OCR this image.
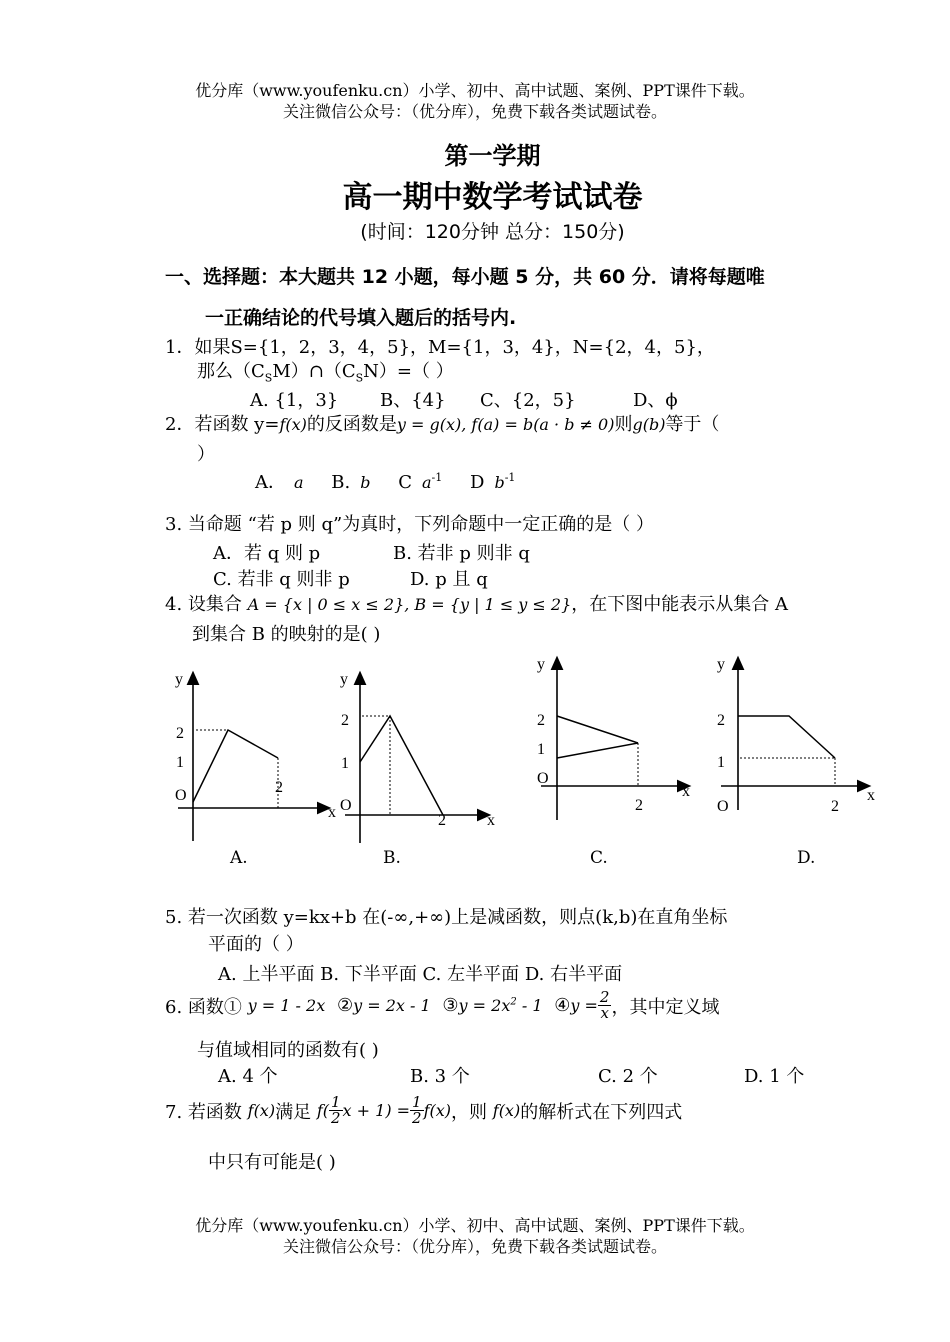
优分库（www.youfenku.cn）小学、初中、高中试题、案例、PPT课件下载。
关注微信公众号：（优分库），免费下载各类试题试卷。
第一学期
高一期中数学考试试卷
(时间：120分钟 总分：150分)
一、选择题：本大题共 12 小题，每小题 5 分，共 60 分．请将每题唯
一正确结论的代号填入题后的括号内.
1．如果S={1，2，3，4，5}，M={1，3，4}，N={2，4，5}，
那么$(C_SM)\cap(C_SN)=$（ ）
A. {1，3} B、{4} C、{2，5}	D、ϕ
2．若函数 y=f(x)的反函数是y = g(x), f(a) = b(a · b ≠ 0)则g(b)等于（
）
A． a B. b C $a^{-1}$ D $b^{-1}$
3. 当命题 “若 p 则 q”为真时，下列命题中一定正确的是（ ）
A．若 q 则 p	B. 若非 p 则非 q
C. 若非 q 则非 p	D. p 且 q
4. 设集合 A = {x | 0 ≤ x ≤ 2}, B = {y | 1 ≤ y ≤ 2}，在下图中能表示从集合 A
到集合 B 的映射的是( )
y
2
1
O	2
x
A.
y
2
1
O
2	x
B.
y
2
1
O
2
x
C.
y
2
1
O	2
x
D.
5. 若一次函数 y=kx+b 在(-∞,+∞)上是减函数，则点(k,b)在直角坐标
平面的（ ）
A. 上半平面 B. 下半平面 C. 左半平面 D. 右半平面
6. 函数① y = 1 - 2x ②y = 2x - 1 ③y = $2x^2 - 1$ ④y = $\frac{2}{x}$ ，其中定义域
与值域相同的函数有( )
A. 4 个	B. 3 个	C. 2 个	D. 1 个
7. 若函数 f(x)满足 $f( \frac{1}{2}$ $x + 1) = \frac{1}{2} f(x)$，则 f(x)的解析式在下列四式
中只有可能是( )
优分库（www.youfenku.cn）小学、初中、高中试题、案例、PPT课件下载。
关注微信公众号：（优分库），免费下载各类试题试卷。
